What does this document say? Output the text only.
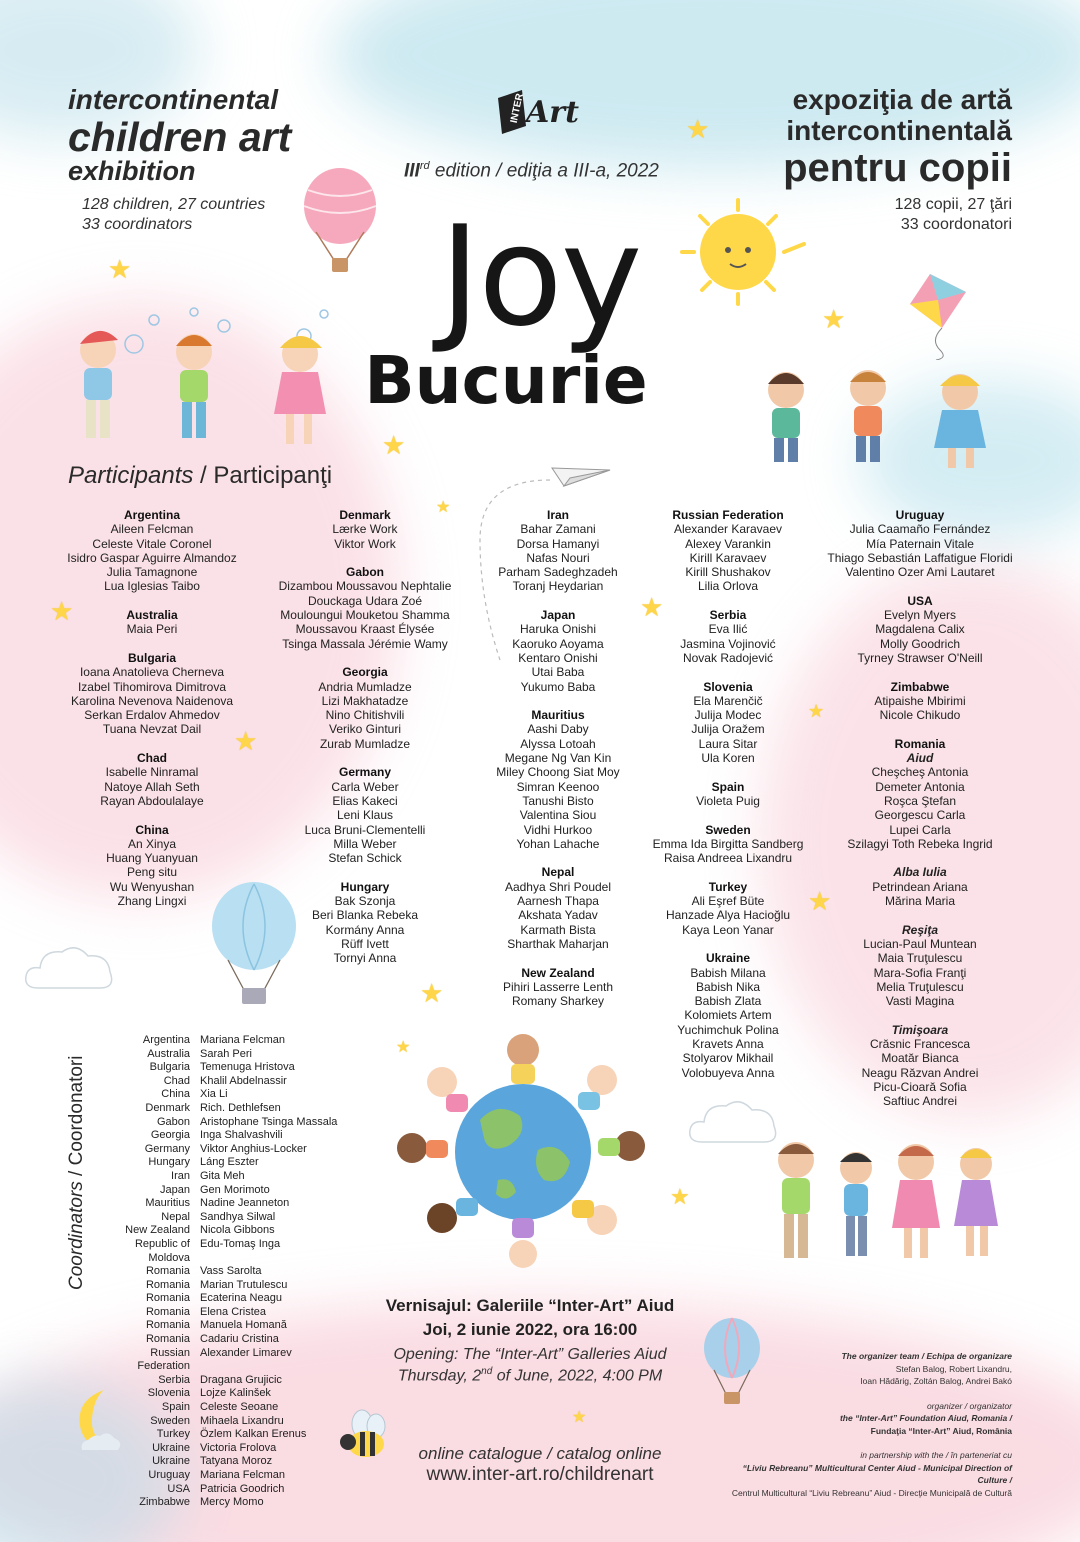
intercontinental
children art
exhibition
128 children, 27 countries
33 coordinators
expoziţia de artă
intercontinentală
pentru copii
128 copii, 27 ţări
33 coordonatori
INTER Art
IIIrd edition / ediţia a III-a, 2022
Joy
Bucurie
★
★
★
★
★
★
★
★
★
★
★
★
★
★
Participants / Participanţi
Argentina
Aileen Felcman
Celeste Vitale Coronel
Isidro Gaspar Aguirre Almandoz
Julia Tamagnone
Lua Iglesias Taibo
Australia
Maia Peri
Bulgaria
Ioana Anatolieva Cherneva
Izabel Tihomirova Dimitrova
Karolina Nevenova Naidenova
Serkan Erdalov Ahmedov
Tuana Nevzat Dail
Chad
Isabelle Ninramal
Natoye Allah Seth
Rayan Abdoulalaye
China
An Xinya
Huang Yuanyuan
Peng situ
Wu Wenyushan
Zhang Lingxi
Denmark
Lærke Work
Viktor Work
Gabon
Dizambou Moussavou Nephtalie
Douckaga Udara Zoé
Mouloungui Mouketou Shamma
Moussavou Kraast Élysée
Tsinga Massala Jérémie Wamy
Georgia
Andria Mumladze
Lizi Makhatadze
Nino Chitishvili
Veriko Ginturi
Zurab Mumladze
Germany
Carla Weber
Elias Kakeci
Leni Klaus
Luca Bruni-Clementelli
Milla Weber
Stefan Schick
Hungary
Bak Szonja
Beri Blanka Rebeka
Kormány Anna
Rüff Ivett
Tornyi Anna
Iran
Bahar Zamani
Dorsa Hamanyi
Nafas Nouri
Parham Sadeghzadeh
Toranj Heydarian
Japan
Haruka Onishi
Kaoruko Aoyama
Kentaro Onishi
Utai Baba
Yukumo Baba
Mauritius
Aashi Daby
Alyssa Lotoah
Megane Ng Van Kin
Miley Choong Siat Moy
Simran Keenoo
Tanushi Bisto
Valentina Siou
Vidhi Hurkoo
Yohan Lahache
Nepal
Aadhya Shri Poudel
Aarnesh Thapa
Akshata Yadav
Karmath Bista
Sharthak Maharjan
New Zealand
Pihiri Lasserre Lenth
Romany Sharkey
Russian Federation
Alexander Karavaev
Alexey Varankin
Kirill Karavaev
Kirill Shushakov
Lilia Orlova
Serbia
Eva Ilić
Jasmina Vojinović
Novak Radojević
Slovenia
Ela Marenčič
Julija Modec
Julija Oražem
Laura Sitar
Ula Koren
Spain
Violeta Puig
Sweden
Emma Ida Birgitta Sandberg
Raisa Andreea Lixandru
Turkey
Ali Eşref Büte
Hanzade Alya Hacioğlu
Kaya Leon Yanar
Ukraine
Babish Milana
Babish Nika
Babish Zlata
Kolomiets Artem
Yuchimchuk Polina
Kravets Anna
Stolyarov Mikhail
Volobuyeva Anna
Uruguay
Julia Caamaño Fernández
Mía Paternain Vitale
Thiago Sebastián Laffatigue Floridi
Valentino Ozer Ami Lautaret
USA
Evelyn Myers
Magdalena Calix
Molly Goodrich
Tyrney Strawser O'Neill
Zimbabwe
Atipaishe Mbirimi
Nicole Chikudo
Romania
Aiud
Cheşcheş Antonia
Demeter Antonia
Roşca Ştefan
Georgescu Carla
Lupei Carla
Szilagyi Toth Rebeka Ingrid
Alba Iulia
Petrindean Ariana
Mărina Maria
Reşiţa
Lucian-Paul Muntean
Maia Truţulescu
Mara-Sofia Franţi
Melia Truţulescu
Vasti Magina
Timişoara
Crăsnic Francesca
Moatăr Bianca
Neagu Răzvan Andrei
Picu-Cioară Sofia
Saftiuc Andrei
Coordinators / Coordonatori
Argentina Mariana Felcman
Australia Sarah Peri
Bulgaria Temenuga Hristova
Chad Khalil Abdelnassir
China Xia Li
Denmark Rich. Dethlefsen
Gabon Aristophane Tsinga Massala
Georgia Inga Shalvashvili
Germany Viktor Anghius-Locker
Hungary Láng Eszter
Iran Gita Meh
Japan Gen Morimoto
Mauritius Nadine Jeanneton
Nepal Sandhya Silwal
New Zealand Nicola Gibbons
Republic of Moldova
Edu-Tomaş Inga
Romania Vass Sarolta
Romania Marian Trutulescu
Romania Ecaterina Neagu
Romania Elena Cristea
Romania Manuela Homană
Romania Cadariu Cristina
Russian Federation
Alexander Limarev
Serbia Dragana Grujicic
Slovenia Lojze Kalinšek
Spain Celeste Seoane
Sweden Mihaela Lixandru
Turkey Özlem Kalkan Erenus
Ukraine Victoria Frolova
Ukraine Tatyana Moroz
Uruguay Mariana Felcman
USA Patricia Goodrich
Zimbabwe Mercy Momo
Vernisajul: Galeriile “Inter-Art” Aiud
Joi, 2 iunie 2022, ora 16:00
Opening: The “Inter-Art” Galleries Aiud
Thursday, 2nd of June, 2022, 4:00 PM
online catalogue / catalog online
www.inter-art.ro/childrenart
The organizer team / Echipa de organizare
Stefan Balog, Robert Lixandru,
Ioan Hădărig, Zoltán Balog, Andrei Bakó
organizer / organizator
the “Inter-Art” Foundation Aiud, Romania /
Fundaţia “Inter-Art” Aiud, România
in partnership with the / în parteneriat cu
“Liviu Rebreanu” Multicultural Center Aiud - Municipal Direction of Culture /
Centrul Multicultural “Liviu Rebreanu” Aiud - Direcţie Municipală de Cultură
